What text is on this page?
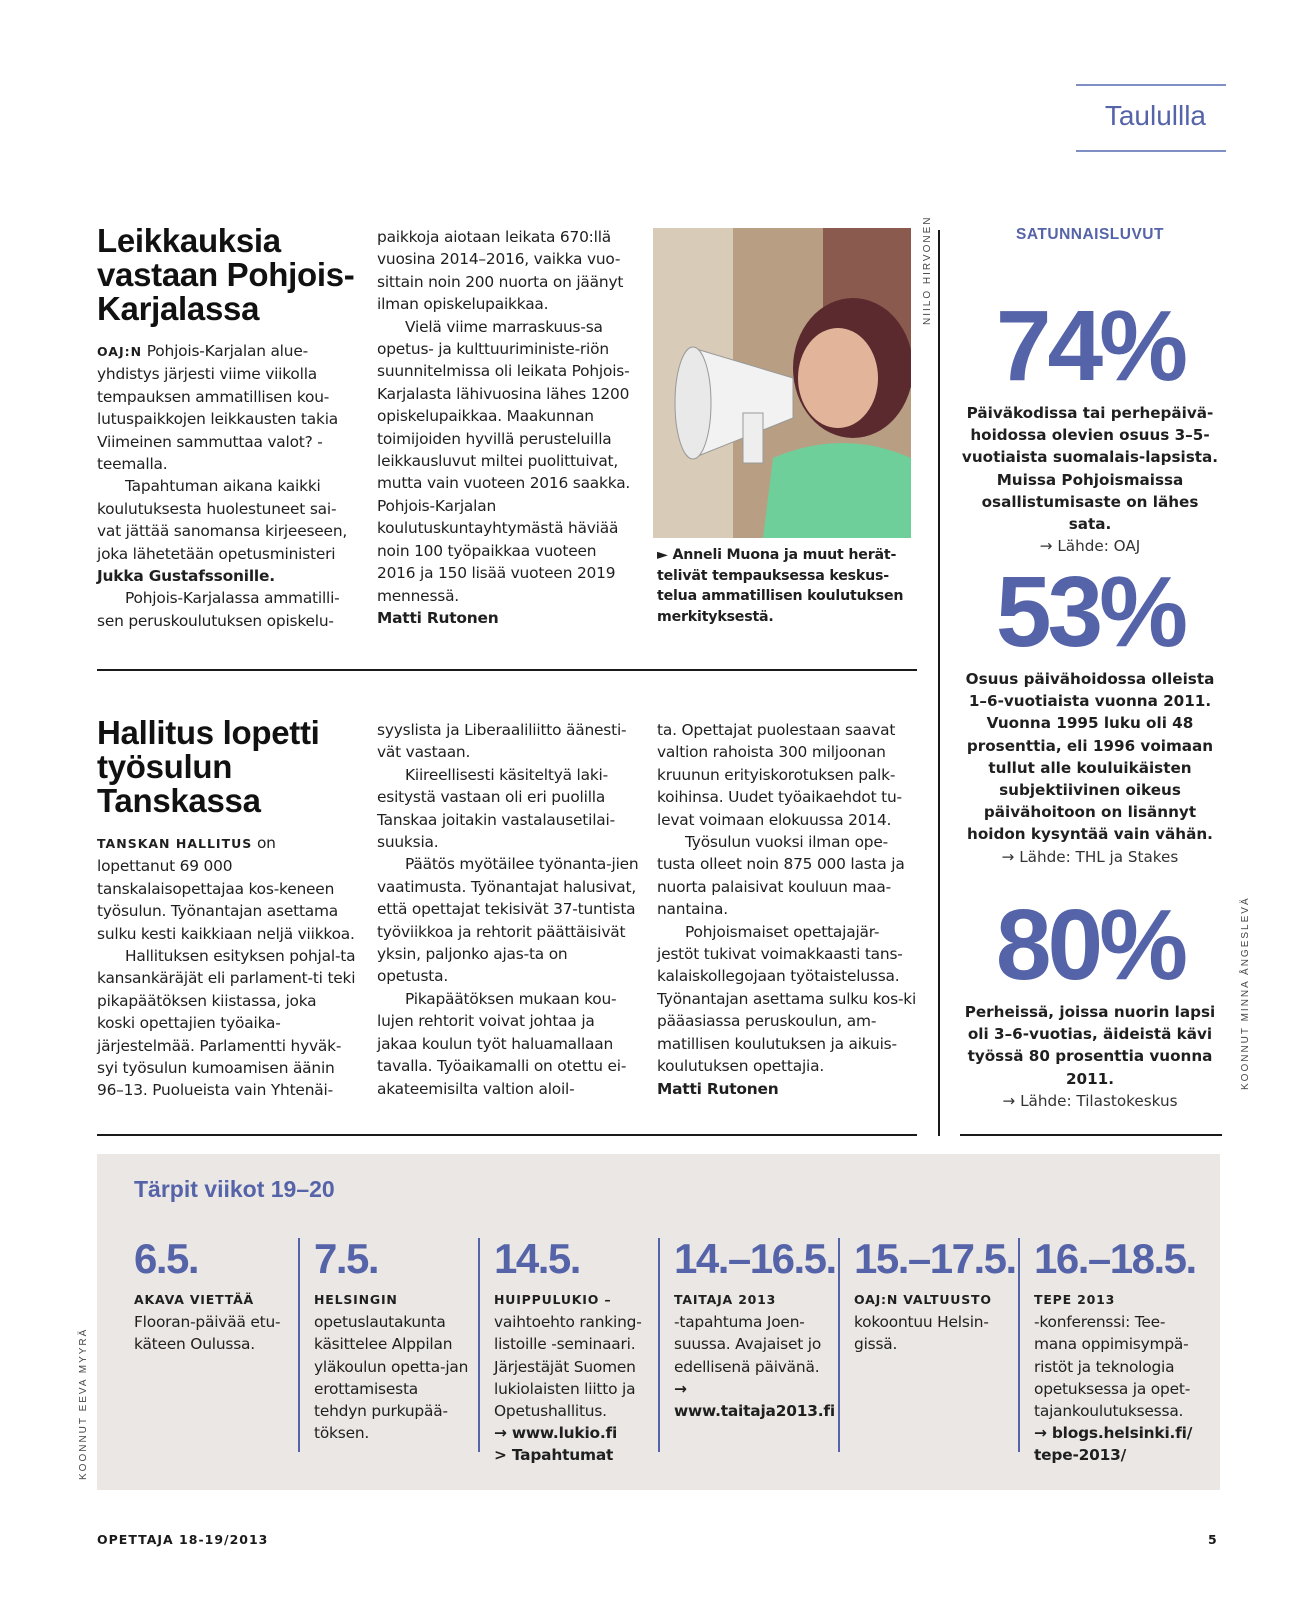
Taulullla
Leikkauksia
vastaan Pohjois-
Karjalassa

OAJ:N Pohjois-Karjalan alue-yhdistys järjesti viime viikolla tempauksen ammatillisen kou-lutuspaikkojen leikkausten takia Viimeinen sammuttaa valot? -teemalla.

Tapahtuman aikana kaikki koulutuksesta huolestuneet sai-vat jättää sanomansa kirjeeseen, joka lähetetään opetusministeri Jukka Gustafssonille.

Pohjois-Karjalassa ammatilli-sen peruskoulutuksen opiskelu-

paikkoja aiotaan leikata 670:llä vuosina 2014–2016, vaikka vuo-sittain noin 200 nuorta on jäänyt ilman opiskelupaikkaa.

Vielä viime marraskuus-sa opetus- ja kulttuuriministe-riön suunnitelmissa oli leikata Pohjois-Karjalasta lähivuosina lähes 1200 opiskelupaikkaa. Maakunnan toimijoiden hyvillä perusteluilla leikkausluvut miltei puolittuivat, mutta vain vuoteen 2016 saakka. Pohjois-Karjalan koulutuskuntayhtymästä häviää noin 100 työpaikkaa vuoteen 2016 ja 150 lisää vuoteen 2019 mennessä.

Matti Rutonen

NIILO HIRVONEN
► Anneli Muona ja muut herät-telivät tempauksessa keskus-telua ammatillisen koulutuksen merkityksestä.
Hallitus lopetti
työsulun
Tanskassa

TANSKAN HALLITUS on lopettanut 69 000 tanskalaisopettajaa kos-keneen työsulun. Työnantajan asettama sulku kesti kaikkiaan neljä viikkoa.

Hallituksen esityksen pohjal-ta kansankäräjät eli parlament-ti teki pikapäätöksen kiistassa, joka koski opettajien työaika-järjestelmää. Parlamentti hyväk-syi työsulun kumoamisen äänin 96–13. Puolueista vain Yhtenäi-

syyslista ja Liberaaliliitto äänesti-vät vastaan.

Kiireellisesti käsiteltyä laki-esitystä vastaan oli eri puolilla Tanskaa joitakin vastalausetilai-suuksia.

Päätös myötäilee työnanta-jien vaatimusta. Työnantajat halusivat, että opettajat tekisivät 37-tuntista työviikkoa ja rehtorit päättäisivät yksin, paljonko ajas-ta on opetusta.

Pikapäätöksen mukaan kou-lujen rehtorit voivat johtaa ja jakaa koulun työt haluamallaan tavalla. Työaikamalli on otettu ei-akateemisilta valtion aloil-

ta. Opettajat puolestaan saavat valtion rahoista 300 miljoonan kruunun erityiskorotuksen palk-koihinsa. Uudet työaikaehdot tu-levat voimaan elokuussa 2014.

Työsulun vuoksi ilman ope-tusta olleet noin 875 000 lasta ja nuorta palaisivat kouluun maa-nantaina.

Pohjoismaiset opettajajär-jestöt tukivat voimakkaasti tans-kalaiskollegojaan työtaistelussa. Työnantajan asettama sulku kos-ki pääasiassa peruskoulun, am-matillisen koulutuksen ja aikuis-koulutuksen opettajia.

Matti Rutonen

SATUNNAISLUVUT
74%
Päiväkodissa tai perhepäivä-hoidossa olevien osuus 3–5-vuotiaista suomalais-lapsista. Muissa Pohjoismaissa osallistumisaste on lähes sata.
→ Lähde: OAJ
53%
Osuus päivähoidossa olleista 1–6-vuotiaista vuonna 2011. Vuonna 1995 luku oli 48 prosenttia, eli 1996 voimaan tullut alle kouluikäisten subjektiivinen oikeus päivähoitoon on lisännyt hoidon kysyntää vain vähän.
→ Lähde: THL ja Stakes
80%
Perheissä, joissa nuorin lapsi oli 3–6-vuotias, äideistä kävi työssä 80 prosenttia vuonna 2011.
→ Lähde: Tilastokeskus
KOONNUT MINNA ÅNGESLEVÄ
Tärpit viikot 19–20
6.5.
AKAVA VIETTÄÄ
Flooran-päivää etu-käteen Oulussa.
7.5.
HELSINGIN
opetuslautakunta käsittelee Alppilan yläkoulun opetta-jan erottamisesta tehdyn purkupää-töksen.
14.5.
HUIPPULUKIO –
vaihtoehto ranking-listoille -seminaari. Järjestäjät Suomen lukiolaisten liitto ja Opetushallitus.
→ www.lukio.fi
> Tapahtumat
14.–16.5.
TAITAJA 2013
-tapahtuma Joen-suussa. Avajaiset jo edellisenä päivänä.
→ www.taitaja2013.fi
15.–17.5.
OAJ:N VALTUUSTO
kokoontuu Helsin-gissä.
16.–18.5.
TEPE 2013
-konferenssi: Tee-mana oppimisympä-ristöt ja teknologia opetuksessa ja opet-tajankoulutuksessa.
→ blogs.helsinki.fi/
tepe-2013/
KOONNUT EEVA MYYRÄ
OPETTAJA 18-19/2013	5
